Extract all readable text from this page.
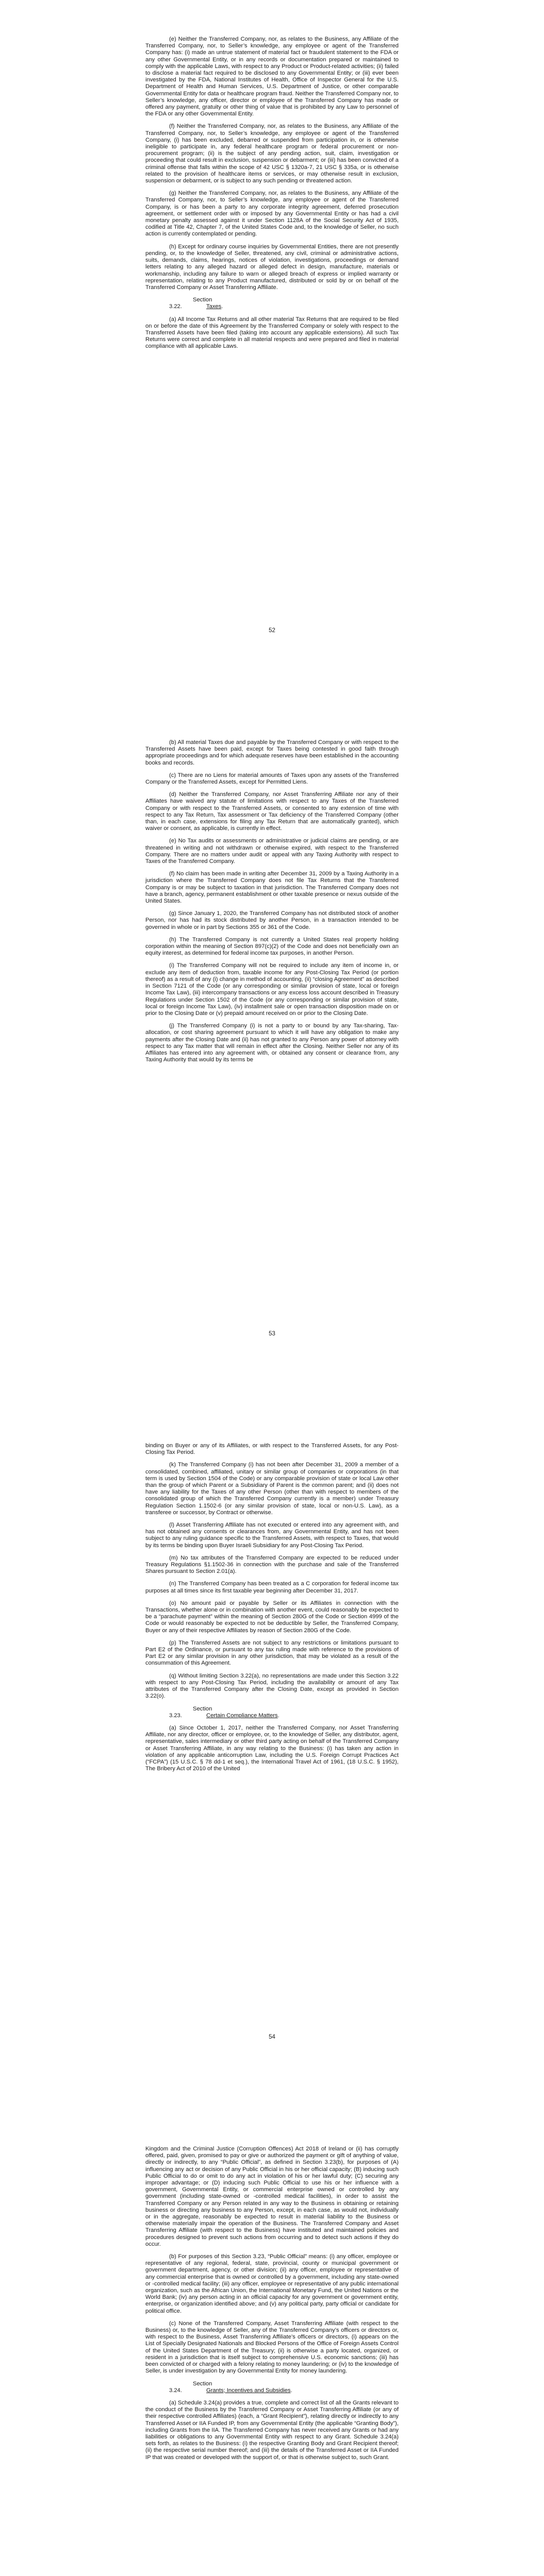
(e) Neither the Transferred Company, nor, as relates to the Business, any Affiliate of the Transferred Company, nor, to Seller’s knowledge, any employee or agent of the Transferred Company has: (i) made an untrue statement of material fact or fraudulent statement to the FDA or any other Governmental Entity, or in any records or documentation prepared or maintained to comply with the applicable Laws, with respect to any Product or Product-related activities; (ii) failed to disclose a material fact required to be disclosed to any Governmental Entity; or (iii) ever been investigated by the FDA, National Institutes of Health, Office of Inspector General for the U.S. Department of Health and Human Services, U.S. Department of Justice, or other comparable Governmental Entity for data or healthcare program fraud. Neither the Transferred Company nor, to Seller’s knowledge, any officer, director or employee of the Transferred Company has made or offered any payment, gratuity or other thing of value that is prohibited by any Law to personnel of the FDA or any other Governmental Entity.

(f) Neither the Transferred Company, nor, as relates to the Business, any Affiliate of the Transferred Company, nor, to Seller’s knowledge, any employee or agent of the Transferred Company, (i) has been excluded, debarred or suspended from participation in, or is otherwise ineligible to participate in, any federal healthcare program or federal procurement or non-procurement program; (ii) is the subject of any pending action, suit, claim, investigation or proceeding that could result in exclusion, suspension or debarment; or (iii) has been convicted of a criminal offense that falls within the scope of 42 USC § 1320a-7, 21 USC § 335a, or is otherwise related to the provision of healthcare items or services, or may otherwise result in exclusion, suspension or debarment, or is subject to any such pending or threatened action.

(g) Neither the Transferred Company, nor, as relates to the Business, any Affiliate of the Transferred Company, nor, to Seller’s knowledge, any employee or agent of the Transferred Company, is or has been a party to any corporate integrity agreement, deferred prosecution agreement, or settlement order with or imposed by any Governmental Entity or has had a civil monetary penalty assessed against it under Section 1128A of the Social Security Act of 1935, codified at Title 42, Chapter 7, of the United States Code and, to the knowledge of Seller, no such action is currently contemplated or pending.

(h) Except for ordinary course inquiries by Governmental Entities, there are not presently pending, or, to the knowledge of Seller, threatened, any civil, criminal or administrative actions, suits, demands, claims, hearings, notices of violation, investigations, proceedings or demand letters relating to any alleged hazard or alleged defect in design, manufacture, materials or workmanship, including any failure to warn or alleged breach of express or implied warranty or representation, relating to any Product manufactured, distributed or sold by or on behalf of the Transferred Company or Asset Transferring Affiliate.

Section 3.22.	Taxes.

(a) All Income Tax Returns and all other material Tax Returns that are required to be filed on or before the date of this Agreement by the Transferred Company or solely with respect to the Transferred Assets have been filed (taking into account any applicable extensions). All such Tax Returns were correct and complete in all material respects and were prepared and filed in material compliance with all applicable Laws.

52

(b) All material Taxes due and payable by the Transferred Company or with respect to the Transferred Assets have been paid, except for Taxes being contested in good faith through appropriate proceedings and for which adequate reserves have been established in the accounting books and records.

(c) There are no Liens for material amounts of Taxes upon any assets of the Transferred Company or the Transferred Assets, except for Permitted Liens.

(d) Neither the Transferred Company, nor Asset Transferring Affiliate nor any of their Affiliates have waived any statute of limitations with respect to any Taxes of the Transferred Company or with respect to the Transferred Assets, or consented to any extension of time with respect to any Tax Return, Tax assessment or Tax deficiency of the Transferred Company (other than, in each case, extensions for filing any Tax Return that are automatically granted), which waiver or consent, as applicable, is currently in effect.

(e) No Tax audits or assessments or administrative or judicial claims are pending, or are threatened in writing and not withdrawn or otherwise expired, with respect to the Transferred Company. There are no matters under audit or appeal with any Taxing Authority with respect to Taxes of the Transferred Company.

(f) No claim has been made in writing after December 31, 2009 by a Taxing Authority in a jurisdiction where the Transferred Company does not file Tax Returns that the Transferred Company is or may be subject to taxation in that jurisdiction. The Transferred Company does not have a branch, agency, permanent establishment or other taxable presence or nexus outside of the United States.

(g) Since January 1, 2020, the Transferred Company has not distributed stock of another Person, nor has had its stock distributed by another Person, in a transaction intended to be governed in whole or in part by Sections 355 or 361 of the Code.

(h) The Transferred Company is not currently a United States real property holding corporation within the meaning of Section 897(c)(2) of the Code and does not beneficially own an equity interest, as determined for federal income tax purposes, in another Person.

(i) The Transferred Company will not be required to include any item of income in, or exclude any item of deduction from, taxable income for any Post-Closing Tax Period (or portion thereof) as a result of any (i) change in method of accounting, (ii) “closing Agreement” as described in Section 7121 of the Code (or any corresponding or similar provision of state, local or foreign Income Tax Law), (iii) intercompany transactions or any excess loss account described in Treasury Regulations under Section 1502 of the Code (or any corresponding or similar provision of state, local or foreign Income Tax Law), (iv) installment sale or open transaction disposition made on or prior to the Closing Date or (v) prepaid amount received on or prior to the Closing Date.

(j) The Transferred Company (i) is not a party to or bound by any Tax-sharing, Tax-allocation, or cost sharing agreement pursuant to which it will have any obligation to make any payments after the Closing Date and (ii) has not granted to any Person any power of attorney with respect to any Tax matter that will remain in effect after the Closing. Neither Seller nor any of its Affiliates has entered into any agreement with, or obtained any consent or clearance from, any Taxing Authority that would by its terms be

53

binding on Buyer or any of its Affiliates, or with respect to the Transferred Assets, for any Post-Closing Tax Period.

(k) The Transferred Company (i) has not been after December 31, 2009 a member of a consolidated, combined, affiliated, unitary or similar group of companies or corporations (in that term is used by Section 1504 of the Code) or any comparable provision of state or local Law other than the group of which Parent or a Subsidiary of Parent is the common parent; and (ii) does not have any liability for the Taxes of any other Person (other than with respect to members of the consolidated group of which the Transferred Company currently is a member) under Treasury Regulation Section 1.1502-6 (or any similar provision of state, local or non-U.S. Law), as a transferee or successor, by Contract or otherwise.

(l) Asset Transferring Affiliate has not executed or entered into any agreement with, and has not obtained any consents or clearances from, any Governmental Entity, and has not been subject to any ruling guidance specific to the Transferred Assets, with respect to Taxes, that would by its terms be binding upon Buyer Israeli Subsidiary for any Post-Closing Tax Period.

(m) No tax attributes of the Transferred Company are expected to be reduced under Treasury Regulations §1.1502-36 in connection with the purchase and sale of the Transferred Shares pursuant to Section 2.01(a).

(n) The Transferred Company has been treated as a C corporation for federal income tax purposes at all times since its first taxable year beginning after December 31, 2017.

(o) No amount paid or payable by Seller or its Affiliates in connection with the Transactions, whether alone or in combination with another event, could reasonably be expected to be a “parachute payment” within the meaning of Section 280G of the Code or Section 4999 of the Code or would reasonably be expected to not be deductible by Seller, the Transferred Company, Buyer or any of their respective Affiliates by reason of Section 280G of the Code.

(p) The Transferred Assets are not subject to any restrictions or limitations pursuant to Part E2 of the Ordinance, or pursuant to any tax ruling made with reference to the provisions of Part E2 or any similar provision in any other jurisdiction, that may be violated as a result of the consummation of this Agreement.

(q) Without limiting Section 3.22(a), no representations are made under this Section 3.22 with respect to any Post-Closing Tax Period, including the availability or amount of any Tax attributes of the Transferred Company after the Closing Date, except as provided in Section 3.22(o).

Section 3.23.	Certain Compliance Matters.

(a) Since October 1, 2017, neither the Transferred Company, nor Asset Transferring Affiliate, nor any director, officer or employee, or, to the knowledge of Seller, any distributor, agent, representative, sales intermediary or other third party acting on behalf of the Transferred Company or Asset Transferring Affiliate, in any way relating to the Business: (i) has taken any action in violation of any applicable anticorruption Law, including the U.S. Foreign Corrupt Practices Act (“FCPA”) (15 U.S.C. § 78 dd-1 et seq.), the International Travel Act of 1961, (18 U.S.C. § 1952), The Bribery Act of 2010 of the United

54

Kingdom and the Criminal Justice (Corruption Offences) Act 2018 of Ireland or (ii) has corruptly offered, paid, given, promised to pay or give or authorized the payment or gift of anything of value, directly or indirectly, to any “Public Official”, as defined in Section 3.23(b), for purposes of (A) influencing any act or decision of any Public Official in his or her official capacity; (B) inducing such Public Official to do or omit to do any act in violation of his or her lawful duty; (C) securing any improper advantage; or (D) inducing such Public Official to use his or her influence with a government, Governmental Entity, or commercial enterprise owned or controlled by any government (including state-owned or -controlled medical facilities), in order to assist the Transferred Company or any Person related in any way to the Business in obtaining or retaining business or directing any business to any Person, except, in each case, as would not, individually or in the aggregate, reasonably be expected to result in material liability to the Business or otherwise materially impair the operation of the Business. The Transferred Company and Asset Transferring Affiliate (with respect to the Business) have instituted and maintained policies and procedures designed to prevent such actions from occurring and to detect such actions if they do occur.

(b) For purposes of this Section 3.23, “Public Official” means: (i) any officer, employee or representative of any regional, federal, state, provincial, county or municipal government or government department, agency, or other division; (ii) any officer, employee or representative of any commercial enterprise that is owned or controlled by a government, including any state-owned or -controlled medical facility; (iii) any officer, employee or representative of any public international organization, such as the African Union, the International Monetary Fund, the United Nations or the World Bank; (iv) any person acting in an official capacity for any government or government entity, enterprise, or organization identified above; and (v) any political party, party official or candidate for political office.

(c) None of the Transferred Company, Asset Transferring Affiliate (with respect to the Business) or, to the knowledge of Seller, any of the Transferred Company’s officers or directors or, with respect to the Business, Asset Transferring Affiliate’s officers or directors, (i) appears on the List of Specially Designated Nationals and Blocked Persons of the Office of Foreign Assets Control of the United States Department of the Treasury; (ii) is otherwise a party located, organized, or resident in a jurisdiction that is itself subject to comprehensive U.S. economic sanctions; (iii) has been convicted of or charged with a felony relating to money laundering; or (iv) to the knowledge of Seller, is under investigation by any Governmental Entity for money laundering.

Section 3.24.	Grants; Incentives and Subsidies.

(a) Schedule 3.24(a) provides a true, complete and correct list of all the Grants relevant to the conduct of the Business by the Transferred Company or Asset Transferring Affiliate (or any of their respective controlled Affiliates) (each, a “Grant Recipient”), relating directly or indirectly to any Transferred Asset or IIA Funded IP, from any Governmental Entity (the applicable “Granting Body”), including Grants from the IIA. The Transferred Company has never received any Grants or had any liabilities or obligations to any Governmental Entity with respect to any Grant. Schedule 3.24(a) sets forth, as relates to the Business: (i) the respective Granting Body and Grant Recipient thereof; (ii) the respective serial number thereof; and (iii) the details of the Transferred Asset or IIA Funded IP that was created or developed with the support of, or that is otherwise subject to, such Grant.
